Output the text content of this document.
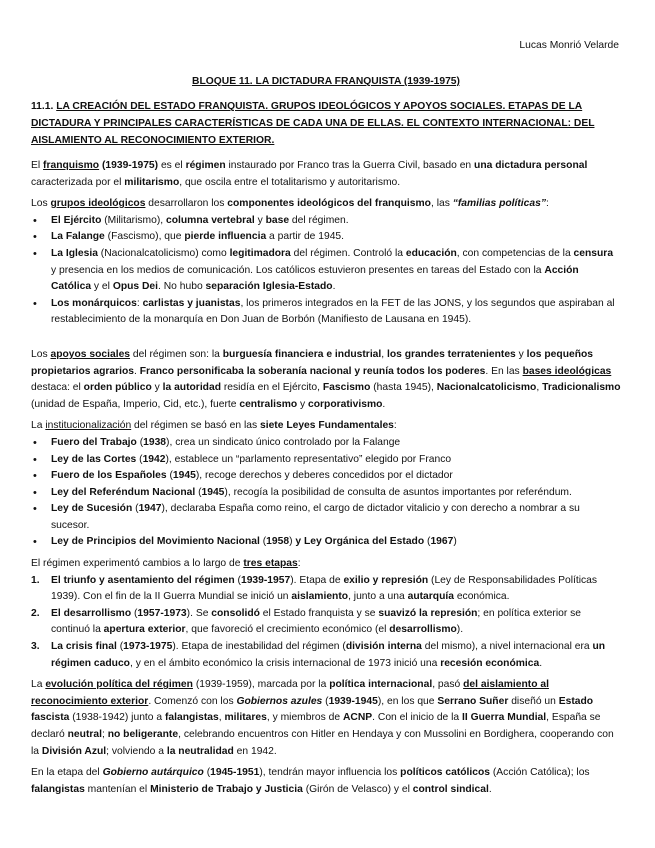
Lucas Monrió Velarde

BLOQUE 11. LA DICTADURA FRANQUISTA (1939-1975)

11.1. LA CREACIÓN DEL ESTADO FRANQUISTA. GRUPOS IDEOLÓGICOS Y APOYOS SOCIALES. ETAPAS DE LA DICTADURA Y PRINCIPALES CARACTERÍSTICAS DE CADA UNA DE ELLAS. EL CONTEXTO INTERNACIONAL: DEL AISLAMIENTO AL RECONOCIMIENTO EXTERIOR.

El franquismo (1939-1975) es el régimen instaurado por Franco tras la Guerra Civil, basado en una dictadura personal caracterizada por el militarismo, que oscila entre el totalitarismo y autoritarismo.

Los grupos ideológicos desarrollaron los componentes ideológicos del franquismo, las “familias políticas”:

• El Ejército (Militarismo), columna vertebral y base del régimen.
• La Falange (Fascismo), que pierde influencia a partir de 1945.
• La Iglesia (Nacionalcatolicismo) como legitimadora del régimen. Controló la educación, con competencias de la censura y presencia en los medios de comunicación. Los católicos estuvieron presentes en tareas del Estado con la Acción Católica y el Opus Dei. No hubo separación Iglesia-Estado.
• Los monárquicos: carlistas y juanistas, los primeros integrados en la FET de las JONS, y los segundos que aspiraban al restablecimiento de la monarquía en Don Juan de Borbón (Manifiesto de Lausana en 1945).

Los apoyos sociales del régimen son: la burguesía financiera e industrial, los grandes terratenientes y los pequeños propietarios agrarios. Franco personificaba la soberanía nacional y reunía todos los poderes. En las bases ideológicas destaca: el orden público y la autoridad residía en el Ejército, Fascismo (hasta 1945), Nacionalcatolicismo, Tradicionalismo (unidad de España, Imperio, Cid, etc.), fuerte centralismo y corporativismo.

La institucionalización del régimen se basó en las siete Leyes Fundamentales:

• Fuero del Trabajo (1938), crea un sindicato único controlado por la Falange
• Ley de las Cortes (1942), establece un “parlamento representativo” elegido por Franco
• Fuero de los Españoles (1945), recoge derechos y deberes concedidos por el dictador
• Ley del Referéndum Nacional (1945), recogía la posibilidad de consulta de asuntos importantes por referéndum.
• Ley de Sucesión (1947), declaraba España como reino, el cargo de dictador vitalicio y con derecho a nombrar a su sucesor.
• Ley de Principios del Movimiento Nacional (1958) y Ley Orgánica del Estado (1967)

El régimen experimentó cambios a lo largo de tres etapas:

1. El triunfo y asentamiento del régimen (1939-1957). Etapa de exilio y represión (Ley de Responsabilidades Políticas 1939). Con el fin de la II Guerra Mundial se inició un aislamiento, junto a una autarquía económica.
2. El desarrollismo (1957-1973). Se consolidó el Estado franquista y se suavizó la represión; en política exterior se continuó la apertura exterior, que favoreció el crecimiento económico (el desarrollismo).
3. La crisis final (1973-1975). Etapa de inestabilidad del régimen (división interna del mismo), a nivel internacional era un régimen caduco, y en el ámbito económico la crisis internacional de 1973 inició una recesión económica.

La evolución política del régimen (1939-1959), marcada por la política internacional, pasó del aislamiento al reconocimiento exterior. Comenzó con los Gobiernos azules (1939-1945), en los que Serrano Suñer diseñó un Estado fascista (1938-1942) junto a falangistas, militares, y miembros de ACNP. Con el inicio de la II Guerra Mundial, España se declaró neutral; no beligerante, celebrando encuentros con Hitler en Hendaya y con Mussolini en Bordighera, cooperando con la División Azul; volviendo a la neutralidad en 1942.

En la etapa del Gobierno autárquico (1945-1951), tendrán mayor influencia los políticos católicos (Acción Católica); los falangistas mantenían el Ministerio de Trabajo y Justicia (Girón de Velasco) y el control sindical.
